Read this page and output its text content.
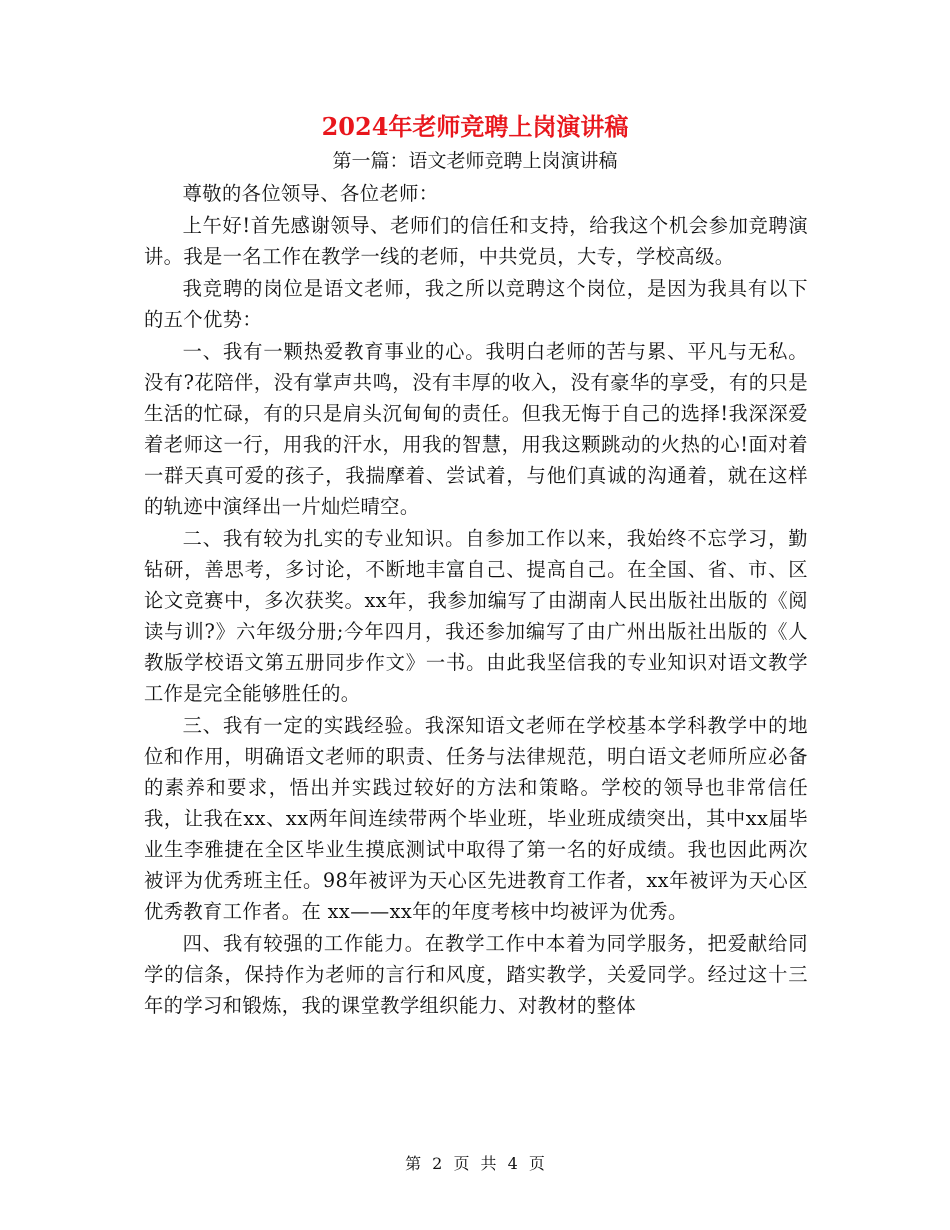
2024年老师竞聘上岗演讲稿
第一篇：语文老师竞聘上岗演讲稿

尊敬的各位领导、各位老师：

上午好!首先感谢领导、老师们的信任和支持，给我这个机会参加竞聘演讲。我是一名工作在教学一线的老师，中共党员，大专，学校高级。

我竞聘的岗位是语文老师，我之所以竞聘这个岗位，是因为我具有以下的五个优势：

一、我有一颗热爱教育事业的心。我明白老师的苦与累、平凡与无私。没有?花陪伴，没有掌声共鸣，没有丰厚的收入，没有豪华的享受，有的只是生活的忙碌，有的只是肩头沉甸甸的责任。但我无悔于自己的选择!我深深爱着老师这一行，用我的汗水，用我的智慧，用我这颗跳动的火热的心!面对着一群天真可爱的孩子，我揣摩着、尝试着，与他们真诚的沟通着，就在这样的轨迹中演绎出一片灿烂晴空。

二、我有较为扎实的专业知识。自参加工作以来，我始终不忘学习，勤钻研，善思考，多讨论，不断地丰富自己、提高自己。在全国、省、市、区论文竞赛中，多次获奖。xx年，我参加编写了由湖南人民出版社出版的《阅读与训?》六年级分册;今年四月，我还参加编写了由广州出版社出版的《人教版学校语文第五册同步作文》一书。由此我坚信我的专业知识对语文教学工作是完全能够胜任的。

三、我有一定的实践经验。我深知语文老师在学校基本学科教学中的地位和作用，明确语文老师的职责、任务与法律规范，明白语文老师所应必备的素养和要求，悟出并实践过较好的方法和策略。学校的领导也非常信任我，让我在xx、xx两年间连续带两个毕业班，毕业班成绩突出，其中xx届毕业生李雅捷在全区毕业生摸底测试中取得了第一名的好成绩。我也因此两次被评为优秀班主任。98年被评为天心区先进教育工作者，xx年被评为天心区优秀教育工作者。在 xx——xx年的年度考核中均被评为优秀。

四、我有较强的工作能力。在教学工作中本着为同学服务，把爱献给同学的信条，保持作为老师的言行和风度，踏实教学，关爱同学。经过这十三年的学习和锻炼，我的课堂教学组织能力、对教材的整体

第 2 页 共 4 页
